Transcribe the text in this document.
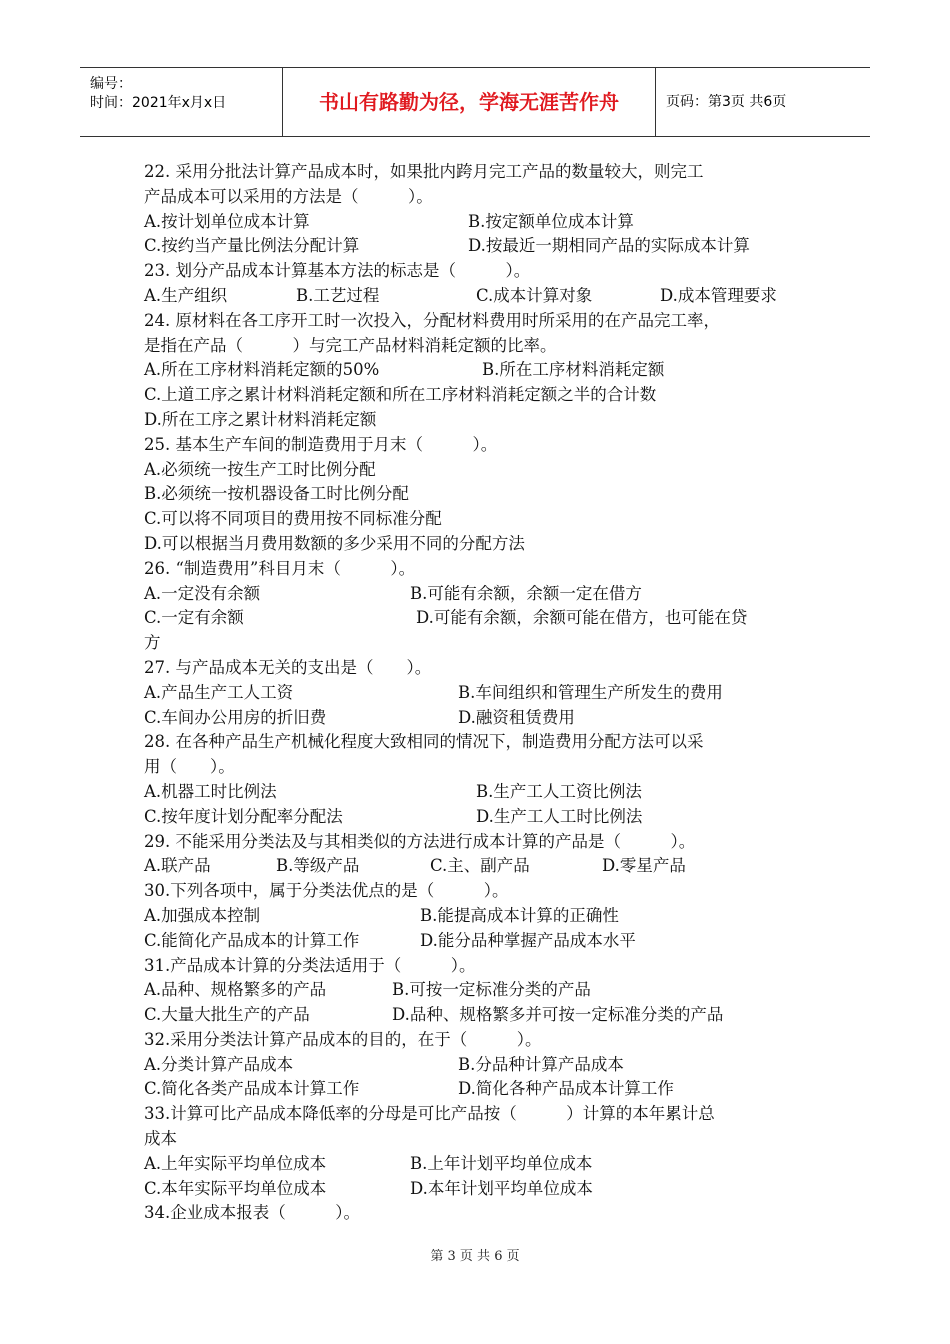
编号：
时间：2021年x月x日	书山有路勤为径，学海无涯苦作舟	页码：第3页 共6页
22. 采用分批法计算产品成本时，如果批内跨月完工产品的数量较大，则完工
产品成本可以采用的方法是（　　　）。
A.按计划单位成本计算	B.按定额单位成本计算
C.按约当产量比例法分配计算	D.按最近一期相同产品的实际成本计算
23. 划分产品成本计算基本方法的标志是（　　　）。
A.生产组织	B.工艺过程	C.成本计算对象	D.成本管理要求
24. 原材料在各工序开工时一次投入，分配材料费用时所采用的在产品完工率，
是指在产品（　　　）与完工产品材料消耗定额的比率。
A.所在工序材料消耗定额的50%	B.所在工序材料消耗定额
C.上道工序之累计材料消耗定额和所在工序材料消耗定额之半的合计数
D.所在工序之累计材料消耗定额
25. 基本生产车间的制造费用于月末（　　　）。
A.必须统一按生产工时比例分配
B.必须统一按机器设备工时比例分配
C.可以将不同项目的费用按不同标准分配
D.可以根据当月费用数额的多少采用不同的分配方法
26. “制造费用”科目月末（　　　）。
A.一定没有余额	B.可能有余额，余额一定在借方
C.一定有余额	D.可能有余额，余额可能在借方，也可能在贷
方
27. 与产品成本无关的支出是（　　）。
A.产品生产工人工资	B.车间组织和管理生产所发生的费用
C.车间办公用房的折旧费	D.融资租赁费用
28. 在各种产品生产机械化程度大致相同的情况下，制造费用分配方法可以采
用（　　）。
A.机器工时比例法	B.生产工人工资比例法
C.按年度计划分配率分配法	D.生产工人工时比例法
29. 不能采用分类法及与其相类似的方法进行成本计算的产品是（　　　）。
A.联产品	B.等级产品	C.主、副产品	D.零星产品
30.下列各项中，属于分类法优点的是（　　　）。
A.加强成本控制	B.能提高成本计算的正确性
C.能简化产品成本的计算工作	D.能分品种掌握产品成本水平
31.产品成本计算的分类法适用于（　　　）。
A.品种、规格繁多的产品	B.可按一定标准分类的产品
C.大量大批生产的产品	D.品种、规格繁多并可按一定标准分类的产品
32.采用分类法计算产品成本的目的，在于（　　　）。
A.分类计算产品成本	B.分品种计算产品成本
C.简化各类产品成本计算工作	D.简化各种产品成本计算工作
33.计算可比产品成本降低率的分母是可比产品按（　　　）计算的本年累计总
成本
A.上年实际平均单位成本	B.上年计划平均单位成本
C.本年实际平均单位成本	D.本年计划平均单位成本
34.企业成本报表（　　　）。
第 3 页 共 6 页
